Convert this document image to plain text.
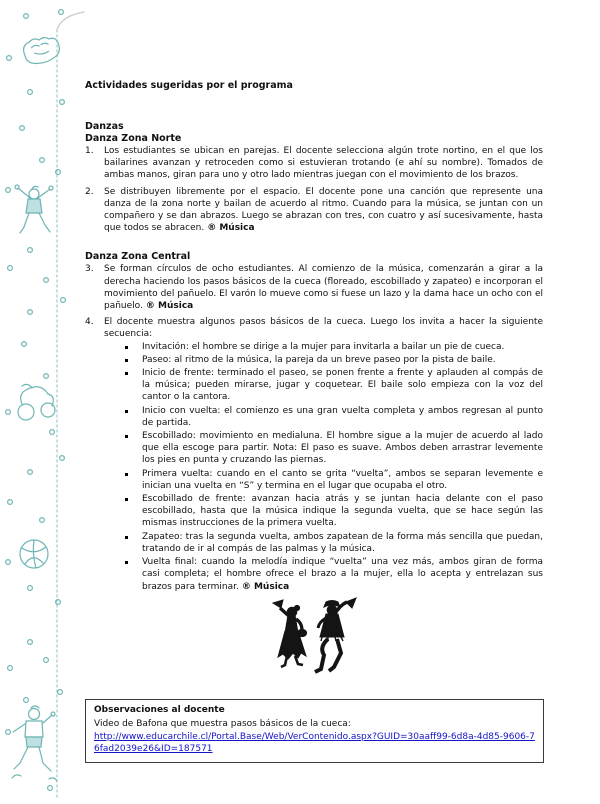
Actividades sugeridas por el programa
Danzas
Danza Zona Norte
1. Los estudiantes se ubican en parejas. El docente selecciona algún trote nortino, en el que los bailarines avanzan y retroceden como si estuvieran trotando (e ahí su nombre). Tomados de ambas manos, giran para uno y otro lado mientras juegan con el movimiento de los brazos.
2. Se distribuyen libremente por el espacio. El docente pone una canción que represente una danza de la zona norte y bailan de acuerdo al ritmo. Cuando para la música, se juntan con un compañero y se dan abrazos. Luego se abrazan con tres, con cuatro y así sucesivamente, hasta que todos se abracen. ® Música
Danza Zona Central
3. Se forman círculos de ocho estudiantes. Al comienzo de la música, comenzarán a girar a la derecha haciendo los pasos básicos de la cueca (floreado, escobillado y zapateo) e incorporan el movimiento del pañuelo. El varón lo mueve como si fuese un lazo y la dama hace un ocho con el pañuelo. ® Música
4. El docente muestra algunos pasos básicos de la cueca. Luego los invita a hacer la siguiente secuencia:
Invitación: el hombre se dirige a la mujer para invitarla a bailar un pie de cueca.
Paseo: al ritmo de la música, la pareja da un breve paseo por la pista de baile.
Inicio de frente: terminado el paseo, se ponen frente a frente y aplauden al compás de la música; pueden mirarse, jugar y coquetear. El baile solo empieza con la voz del cantor o la cantora.
Inicio con vuelta: el comienzo es una gran vuelta completa y ambos regresan al punto de partida.
Escobillado: movimiento en medialuna. El hombre sigue a la mujer de acuerdo al lado que ella escoge para partir. Nota: El paso es suave. Ambos deben arrastrar levemente los pies en punta y cruzando las piernas.
Primera vuelta: cuando en el canto se grita “vuelta”, ambos se separan levemente e inician una vuelta en “S” y termina en el lugar que ocupaba el otro.
Escobillado de frente: avanzan hacia atrás y se juntan hacia delante con el paso escobillado, hasta que la música indique la segunda vuelta, que se hace según las mismas instrucciones de la primera vuelta.
Zapateo: tras la segunda vuelta, ambos zapatean de la forma más sencilla que puedan, tratando de ir al compás de las palmas y la música.
Vuelta final: cuando la melodía indique “vuelta” una vez más, ambos giran de forma casi completa; el hombre ofrece el brazo a la mujer, ella lo acepta y entrelazan sus brazos para terminar. ® Música
Observaciones al docente

Video de Bafona que muestra pasos básicos de la cueca:

http://www.educarchile.cl/Portal.Base/Web/VerContenido.aspx?GUID=30aaff99-6d8a-4d85-9606-76fad2039e26&ID=187571
